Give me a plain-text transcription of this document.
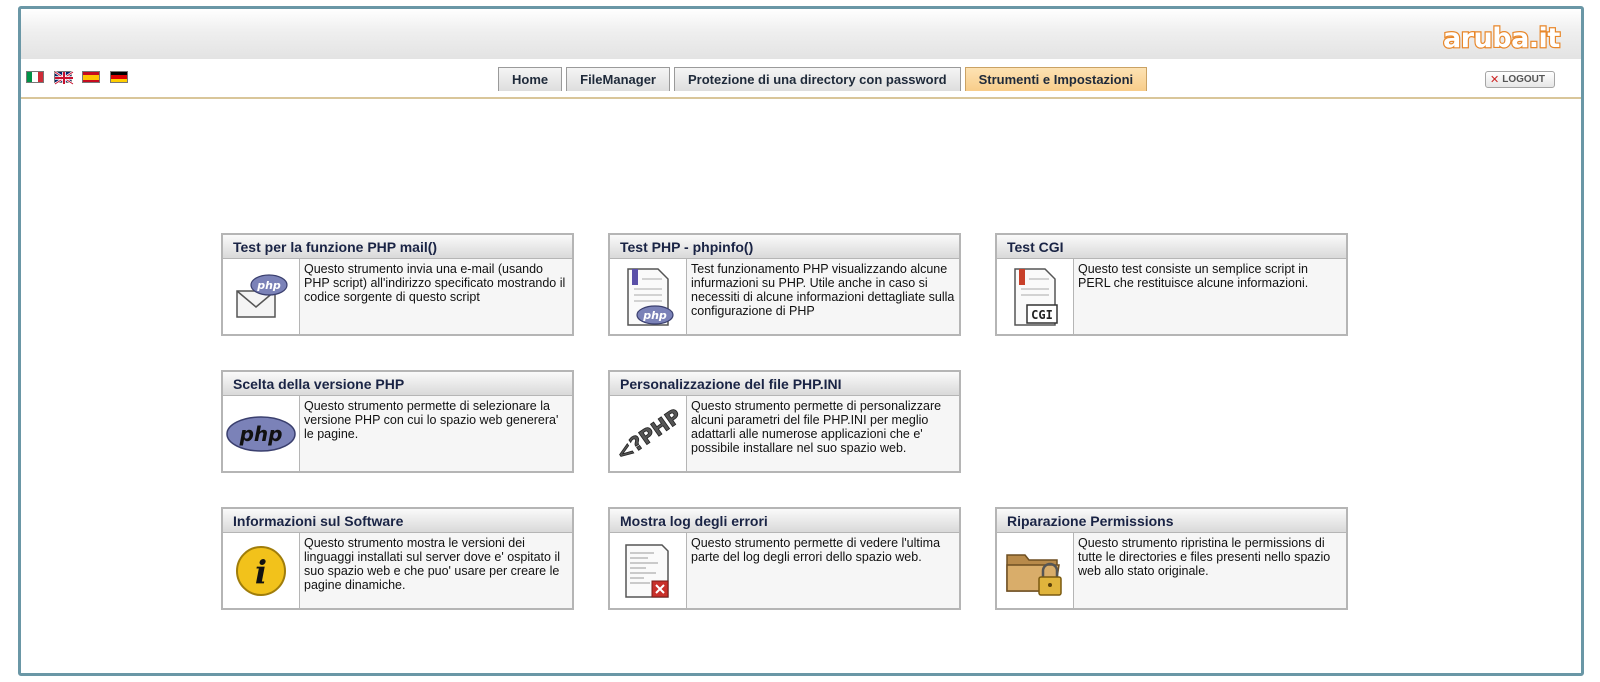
aruba.it
Home	FileManager	Protezione di una directory con password	Strumenti e Impostazioni	✕ LOGOUT
Test per la funzione PHP mail()
php
Questo strumento invia una e-mail (usando PHP script) all'indirizzo specificato mostrando il codice sorgente di questo script
Test PHP - phpinfo()
php
Test funzionamento PHP visualizzando alcune infurmazioni su PHP. Utile anche in caso si necessiti di alcune informazioni dettagliate sulla configurazione di PHP
Test CGI
CGI
Questo test consiste un semplice script in PERL che restituisce alcune informazioni.
Scelta della versione PHP
php
Questo strumento permette di selezionare la versione PHP con cui lo spazio web generera' le pagine.
Personalizzazione del file PHP.INI
<?PHP Questo strumento permette di personalizzare alcuni parametri del file PHP.INI per meglio adattarli alle numerose applicazioni che e' possibile installare nel suo spazio web.
Informazioni sul Software
i
Questo strumento mostra le versioni dei linguaggi installati sul server dove e' ospitato il suo spazio web e che puo' usare per creare le pagine dinamiche.
Mostra log degli errori
Questo strumento permette di vedere l'ultima parte del log degli errori dello spazio web.
Riparazione Permissions
Questo strumento ripristina le permissions di tutte le directories e files presenti nello spazio web allo stato originale.
